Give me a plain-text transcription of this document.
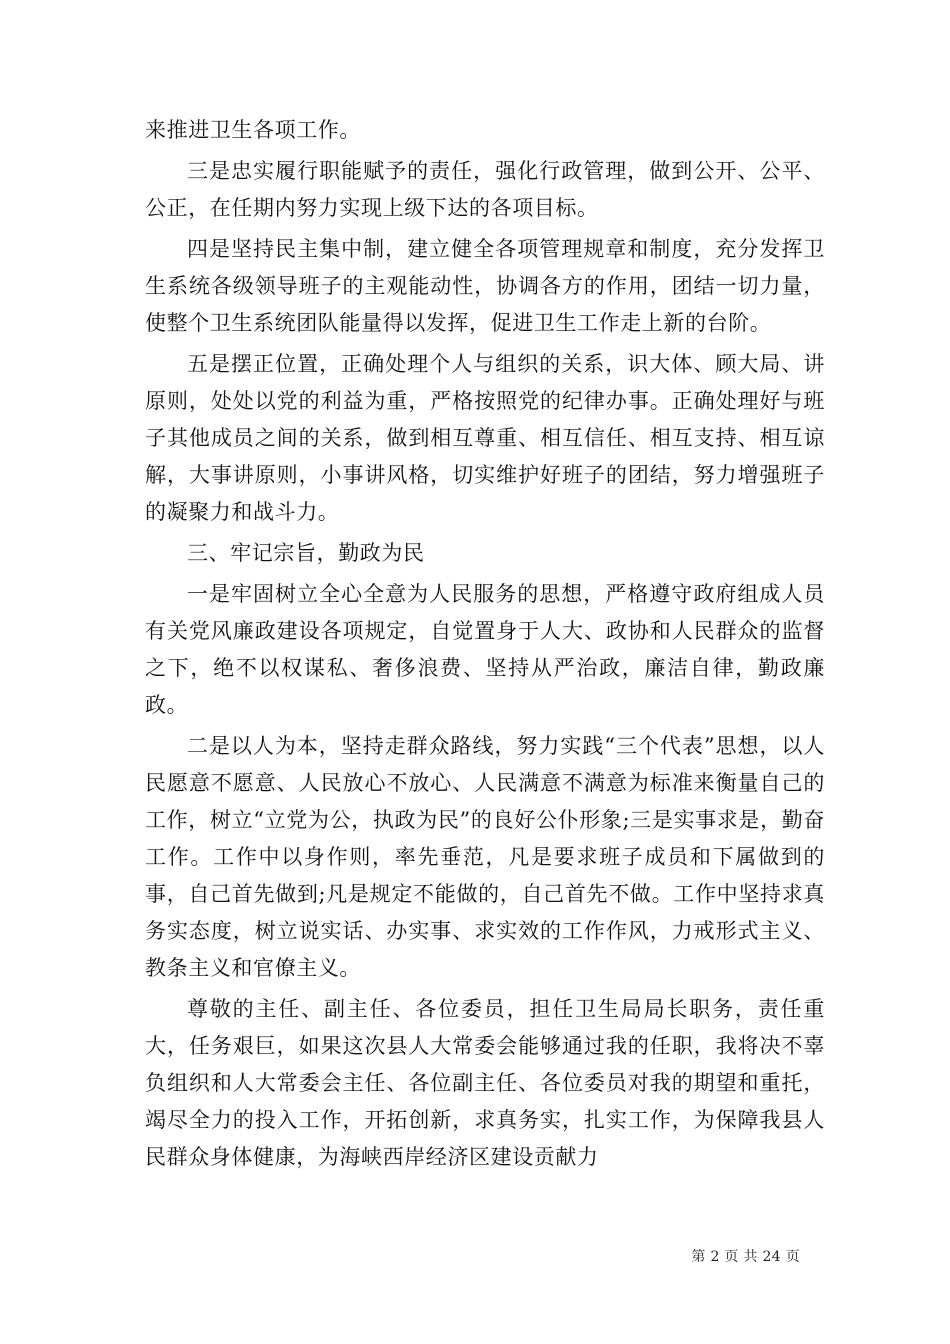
来推进卫生各项工作。

三是忠实履行职能赋予的责任，强化行政管理，做到公开、公平、公正，在任期内努力实现上级下达的各项目标。

四是坚持民主集中制，建立健全各项管理规章和制度，充分发挥卫生系统各级领导班子的主观能动性，协调各方的作用，团结一切力量，使整个卫生系统团队能量得以发挥，促进卫生工作走上新的台阶。

五是摆正位置，正确处理个人与组织的关系，识大体、顾大局、讲原则，处处以党的利益为重，严格按照党的纪律办事。正确处理好与班子其他成员之间的关系，做到相互尊重、相互信任、相互支持、相互谅解，大事讲原则，小事讲风格，切实维护好班子的团结，努力增强班子的凝聚力和战斗力。

三、牢记宗旨，勤政为民

一是牢固树立全心全意为人民服务的思想，严格遵守政府组成人员有关党风廉政建设各项规定，自觉置身于人大、政协和人民群众的监督之下，绝不以权谋私、奢侈浪费、坚持从严治政，廉洁自律，勤政廉政。

二是以人为本，坚持走群众路线，努力实践“三个代表”思想，以人民愿意不愿意、人民放心不放心、人民满意不满意为标准来衡量自己的工作，树立“立党为公，执政为民”的良好公仆形象;三是实事求是，勤奋工作。工作中以身作则，率先垂范，凡是要求班子成员和下属做到的事，自己首先做到;凡是规定不能做的，自己首先不做。工作中坚持求真务实态度，树立说实话、办实事、求实效的工作作风，力戒形式主义、教条主义和官僚主义。

尊敬的主任、副主任、各位委员，担任卫生局局长职务，责任重大，任务艰巨，如果这次县人大常委会能够通过我的任职，我将决不辜负组织和人大常委会主任、各位副主任、各位委员对我的期望和重托，竭尽全力的投入工作，开拓创新，求真务实，扎实工作，为保障我县人民群众身体健康，为海峡西岸经济区建设贡献力

第 2 页 共 24 页
